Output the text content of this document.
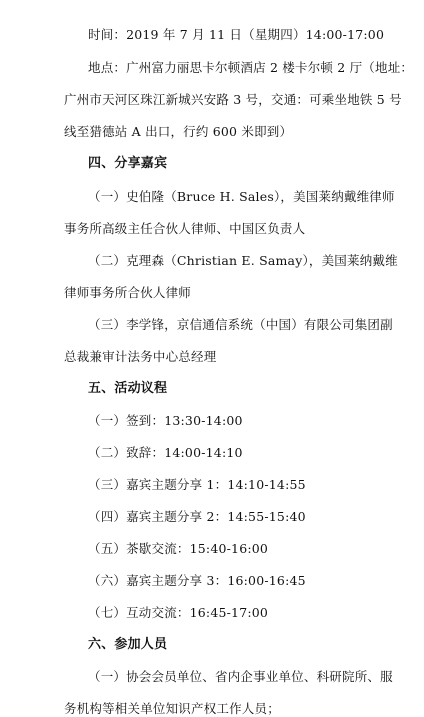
时间：2019 年 7 月 11 日（星期四）14:00-17:00
地点：广州富力丽思卡尔顿酒店 2 楼卡尔顿 2 厅（地址：
广州市天河区珠江新城兴安路 3 号，交通：可乘坐地铁 5 号
线至猎德站 A 出口，行约 600 米即到）
四、分享嘉宾
（一）史伯隆（Bruce H. Sales），美国莱纳戴维律师
事务所高级主任合伙人律师、中国区负责人
（二）克理森（Christian E. Samay），美国莱纳戴维
律师事务所合伙人律师
（三）李学锋，京信通信系统（中国）有限公司集团副
总裁兼审计法务中心总经理
五、活动议程
（一）签到：13:30-14:00
（二）致辞：14:00-14:10
（三）嘉宾主题分享 1：14:10-14:55
（四）嘉宾主题分享 2：14:55-15:40
（五）茶歇交流：15:40-16:00
（六）嘉宾主题分享 3：16:00-16:45
（七）互动交流：16:45-17:00
六、参加人员
（一）协会会员单位、省内企事业单位、科研院所、服
务机构等相关单位知识产权工作人员；
